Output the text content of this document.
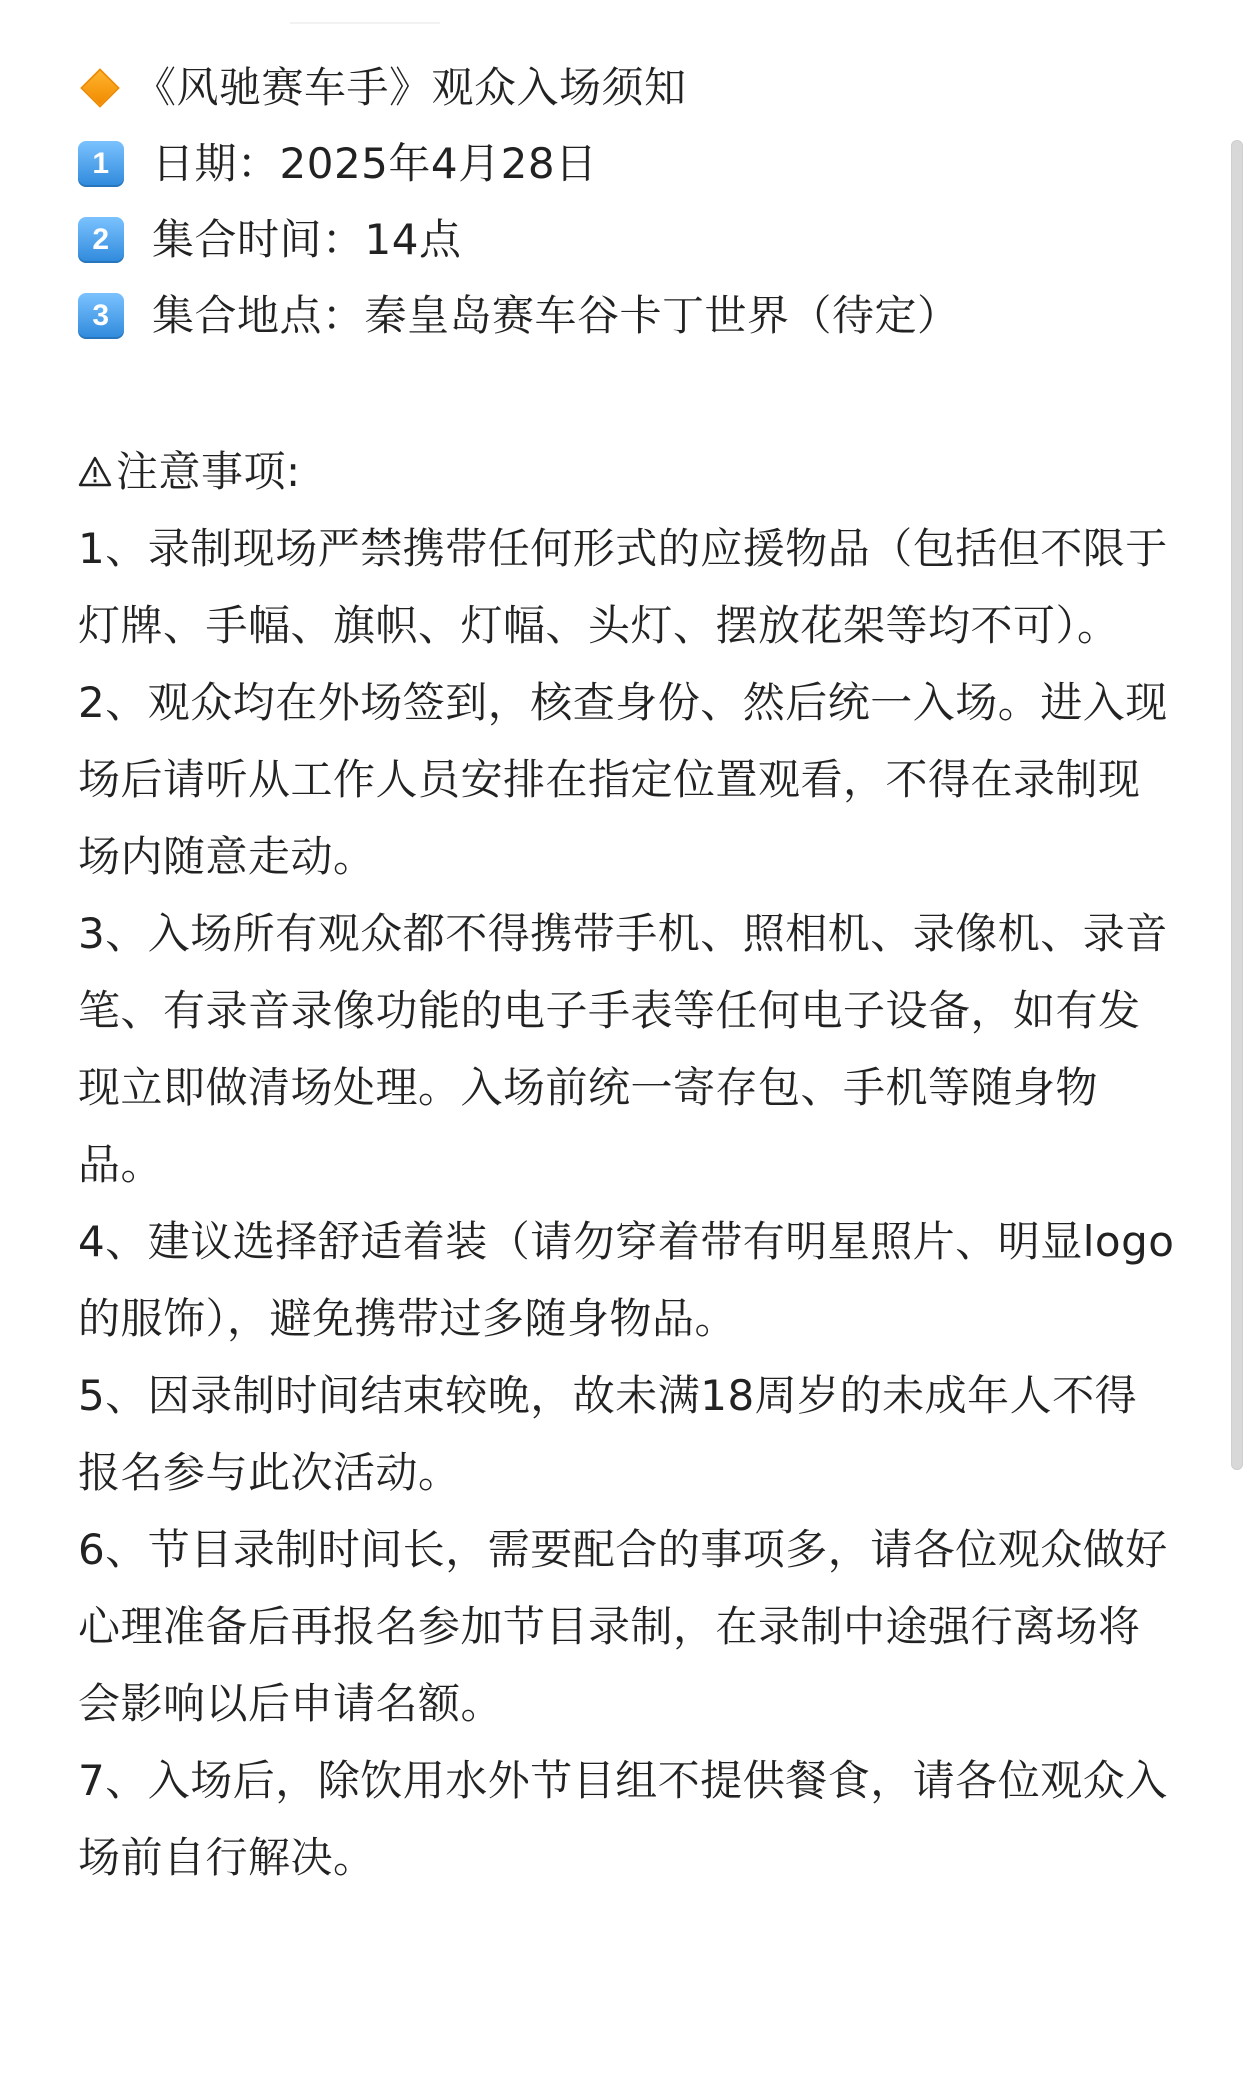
《风驰赛车手》观众入场须知
1	日期：2025年4月28日
2	集合时间：14点
3	集合地点：秦皇岛赛车谷卡丁世界（待定）
注意事项:

1、录制现场严禁携带任何形式的应援物品（包括但不限于灯牌、手幅、旗帜、灯幅、头灯、摆放花架等均不可）。

2、观众均在外场签到，核查身份、然后统一入场。进入现场后请听从工作人员安排在指定位置观看，不得在录制现场内随意走动。

3、入场所有观众都不得携带手机、照相机、录像机、录音笔、有录音录像功能的电子手表等任何电子设备，如有发现立即做清场处理。入场前统一寄存包、手机等随身物品。

4、建议选择舒适着装（请勿穿着带有明星照片、明显logo的服饰），避免携带过多随身物品。

5、因录制时间结束较晚，故未满18周岁的未成年人不得报名参与此次活动。

6、节目录制时间长，需要配合的事项多，请各位观众做好心理准备后再报名参加节目录制，在录制中途强行离场将会影响以后申请名额。

7、入场后，除饮用水外节目组不提供餐食，请各位观众入场前自行解决。
